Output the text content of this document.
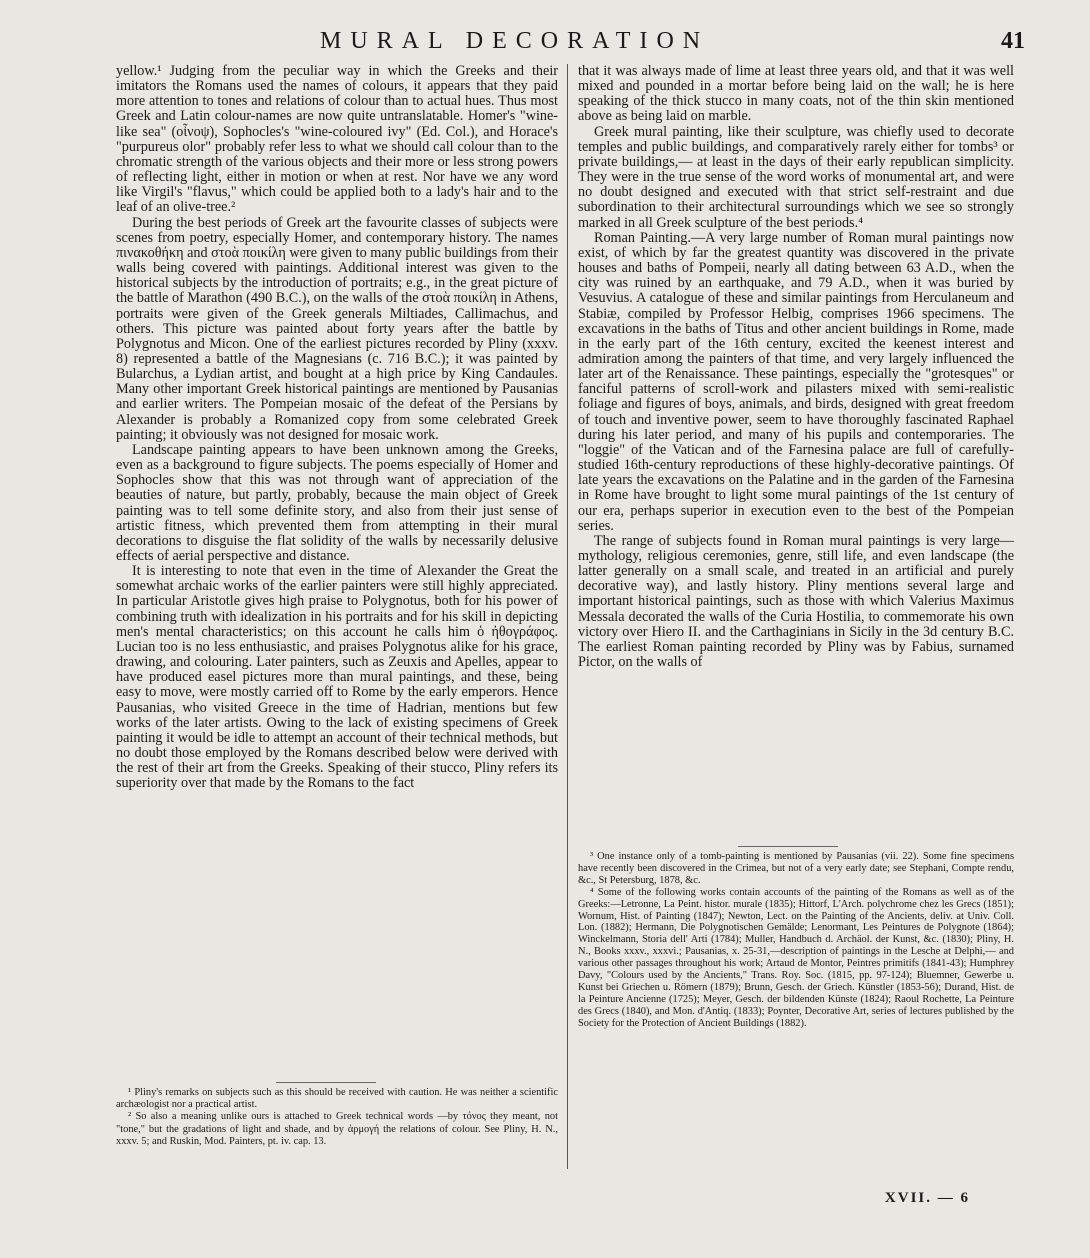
MURAL DECORATION	41

yellow.¹ Judging from the peculiar way in which the Greeks and their imitators the Romans used the names of colours, it appears that they paid more attention to tones and relations of colour than to actual hues. Thus most Greek and Latin colour-names are now quite untranslatable. Homer's "wine-like sea" (οἶνοψ), Sophocles's "wine-coloured ivy" (Ed. Col.), and Horace's "purpureus olor" probably refer less to what we should call colour than to the chromatic strength of the various objects and their more or less strong powers of reflecting light, either in motion or when at rest. Nor have we any word like Virgil's "flavus," which could be applied both to a lady's hair and to the leaf of an olive-tree.²

During the best periods of Greek art the favourite classes of subjects were scenes from poetry, especially Homer, and contemporary history. The names πινακοθήκη and στοὰ ποικίλη were given to many public buildings from their walls being covered with paintings. Additional interest was given to the historical subjects by the introduction of portraits; e.g., in the great picture of the battle of Marathon (490 B.C.), on the walls of the στοὰ ποικίλη in Athens, portraits were given of the Greek generals Miltiades, Callimachus, and others. This picture was painted about forty years after the battle by Polygnotus and Micon. One of the earliest pictures recorded by Pliny (xxxv. 8) represented a battle of the Magnesians (c. 716 B.C.); it was painted by Bularchus, a Lydian artist, and bought at a high price by King Candaules. Many other important Greek historical paintings are mentioned by Pausanias and earlier writers. The Pompeian mosaic of the defeat of the Persians by Alexander is probably a Romanized copy from some celebrated Greek painting; it obviously was not designed for mosaic work.

Landscape painting appears to have been unknown among the Greeks, even as a background to figure subjects. The poems especially of Homer and Sophocles show that this was not through want of appreciation of the beauties of nature, but partly, probably, because the main object of Greek painting was to tell some definite story, and also from their just sense of artistic fitness, which prevented them from attempting in their mural decorations to disguise the flat solidity of the walls by necessarily delusive effects of aerial perspective and distance.

It is interesting to note that even in the time of Alexander the Great the somewhat archaic works of the earlier painters were still highly appreciated. In particular Aristotle gives high praise to Polygnotus, both for his power of combining truth with idealization in his portraits and for his skill in depicting men's mental characteristics; on this account he calls him ὁ ἠθογράφος. Lucian too is no less enthusiastic, and praises Polygnotus alike for his grace, drawing, and colouring. Later painters, such as Zeuxis and Apelles, appear to have produced easel pictures more than mural paintings, and these, being easy to move, were mostly carried off to Rome by the early emperors. Hence Pausanias, who visited Greece in the time of Hadrian, mentions but few works of the later artists. Owing to the lack of existing specimens of Greek painting it would be idle to attempt an account of their technical methods, but no doubt those employed by the Romans described below were derived with the rest of their art from the Greeks. Speaking of their stucco, Pliny refers its superiority over that made by the Romans to the fact

that it was always made of lime at least three years old, and that it was well mixed and pounded in a mortar before being laid on the wall; he is here speaking of the thick stucco in many coats, not of the thin skin mentioned above as being laid on marble.

Greek mural painting, like their sculpture, was chiefly used to decorate temples and public buildings, and comparatively rarely either for tombs³ or private buildings,— at least in the days of their early republican simplicity. They were in the true sense of the word works of monumental art, and were no doubt designed and executed with that strict self-restraint and due subordination to their architectural surroundings which we see so strongly marked in all Greek sculpture of the best periods.⁴

Roman Painting.—A very large number of Roman mural paintings now exist, of which by far the greatest quantity was discovered in the private houses and baths of Pompeii, nearly all dating between 63 A.D., when the city was ruined by an earthquake, and 79 A.D., when it was buried by Vesuvius. A catalogue of these and similar paintings from Herculaneum and Stabiæ, compiled by Professor Helbig, comprises 1966 specimens. The excavations in the baths of Titus and other ancient buildings in Rome, made in the early part of the 16th century, excited the keenest interest and admiration among the painters of that time, and very largely influenced the later art of the Renaissance. These paintings, especially the "grotesques" or fanciful patterns of scroll-work and pilasters mixed with semi-realistic foliage and figures of boys, animals, and birds, designed with great freedom of touch and inventive power, seem to have thoroughly fascinated Raphael during his later period, and many of his pupils and contemporaries. The "loggie" of the Vatican and of the Farnesina palace are full of carefully-studied 16th-century reproductions of these highly-decorative paintings. Of late years the excavations on the Palatine and in the garden of the Farnesina in Rome have brought to light some mural paintings of the 1st century of our era, perhaps superior in execution even to the best of the Pompeian series.

The range of subjects found in Roman mural paintings is very large—mythology, religious ceremonies, genre, still life, and even landscape (the latter generally on a small scale, and treated in an artificial and purely decorative way), and lastly history. Pliny mentions several large and important historical paintings, such as those with which Valerius Maximus Messala decorated the walls of the Curia Hostilia, to commemorate his own victory over Hiero II. and the Carthaginians in Sicily in the 3d century B.C. The earliest Roman painting recorded by Pliny was by Fabius, surnamed Pictor, on the walls of

¹ Pliny's remarks on subjects such as this should be received with caution. He was neither a scientific archæologist nor a practical artist.

² So also a meaning unlike ours is attached to Greek technical words —by τόνος they meant, not "tone," but the gradations of light and shade, and by ἁρμογή the relations of colour. See Pliny, H. N., xxxv. 5; and Ruskin, Mod. Painters, pt. iv. cap. 13.

³ One instance only of a tomb-painting is mentioned by Pausanias (vii. 22). Some fine specimens have recently been discovered in the Crimea, but not of a very early date; see Stephani, Compte rendu, &c., St Petersburg, 1878, &c.

⁴ Some of the following works contain accounts of the painting of the Romans as well as of the Greeks:—Letronne, La Peint. histor. murale (1835); Hittorf, L'Arch. polychrome chez les Grecs (1851); Wornum, Hist. of Painting (1847); Newton, Lect. on the Painting of the Ancients, deliv. at Univ. Coll. Lon. (1882); Hermann, Die Polygnotischen Gemälde; Lenormant, Les Peintures de Polygnote (1864); Winckelmann, Storia dell' Arti (1784); Muller, Handbuch d. Archäol. der Kunst, &c. (1830); Pliny, H. N., Books xxxv., xxxvi.; Pausanias, x. 25-31,—description of paintings in the Lesche at Delphi,— and various other passages throughout his work; Artaud de Montor, Peintres primitifs (1841-43); Humphrey Davy, "Colours used by the Ancients," Trans. Roy. Soc. (1815, pp. 97-124); Bluemner, Gewerbe u. Kunst bei Griechen u. Römern (1879); Brunn, Gesch. der Griech. Künstler (1853-56); Durand, Hist. de la Peinture Ancienne (1725); Meyer, Gesch. der bildenden Künste (1824); Raoul Rochette, La Peinture des Grecs (1840), and Mon. d'Antiq. (1833); Poynter, Decorative Art, series of lectures published by the Society for the Protection of Ancient Buildings (1882).

XVII. — 6
